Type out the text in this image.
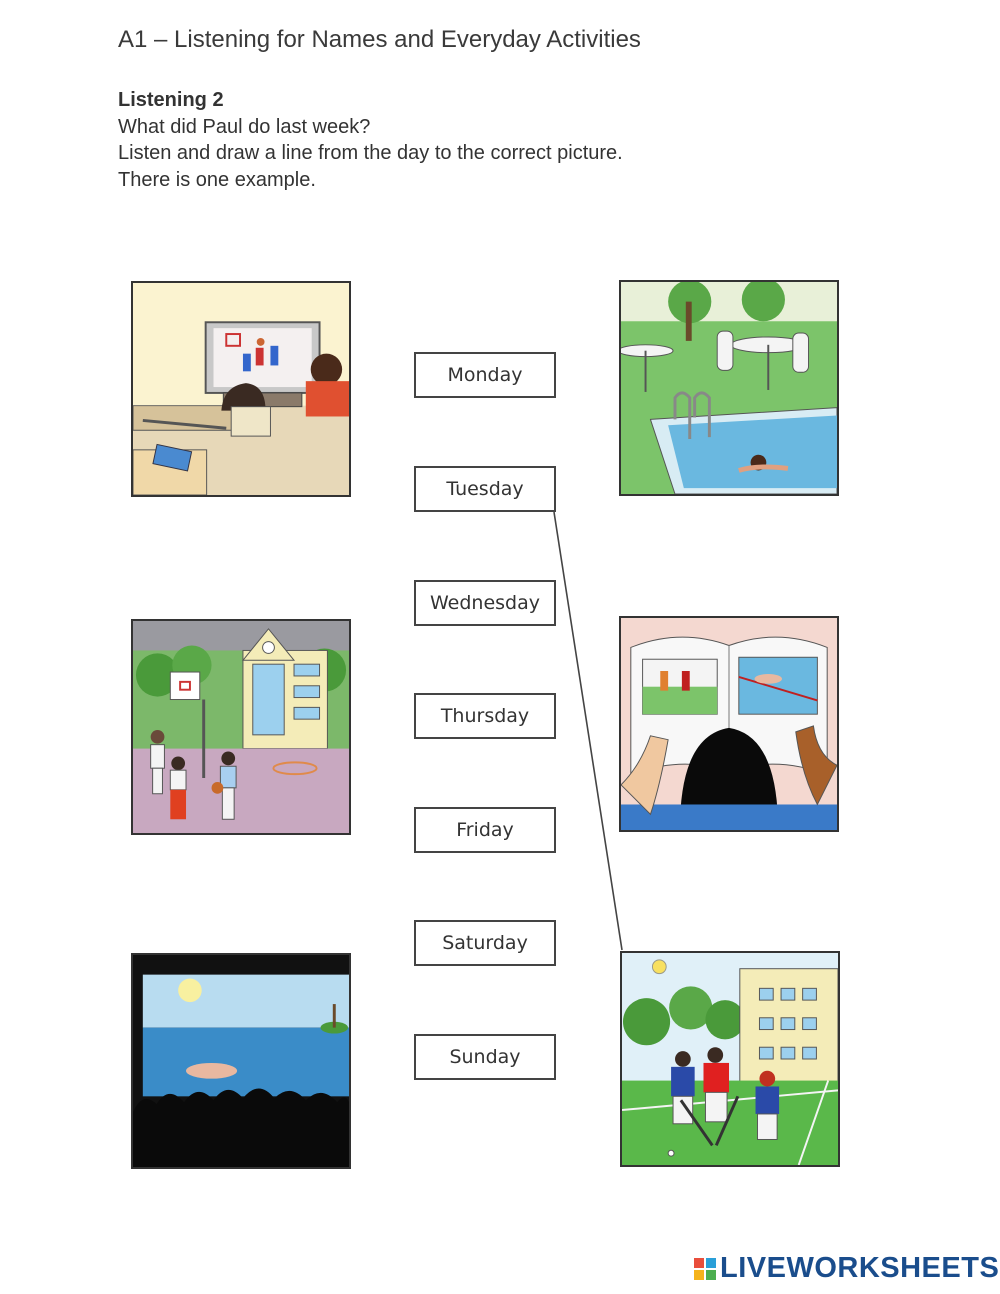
A1 – Listening for Names and Everyday Activities
Listening 2
What did Paul do last week?
Listen and draw a line from the day to the correct picture.
There is one example.
Monday
Tuesday
Wednesday
Thursday
Friday
Saturday
Sunday
LIVEWORKSHEETS
